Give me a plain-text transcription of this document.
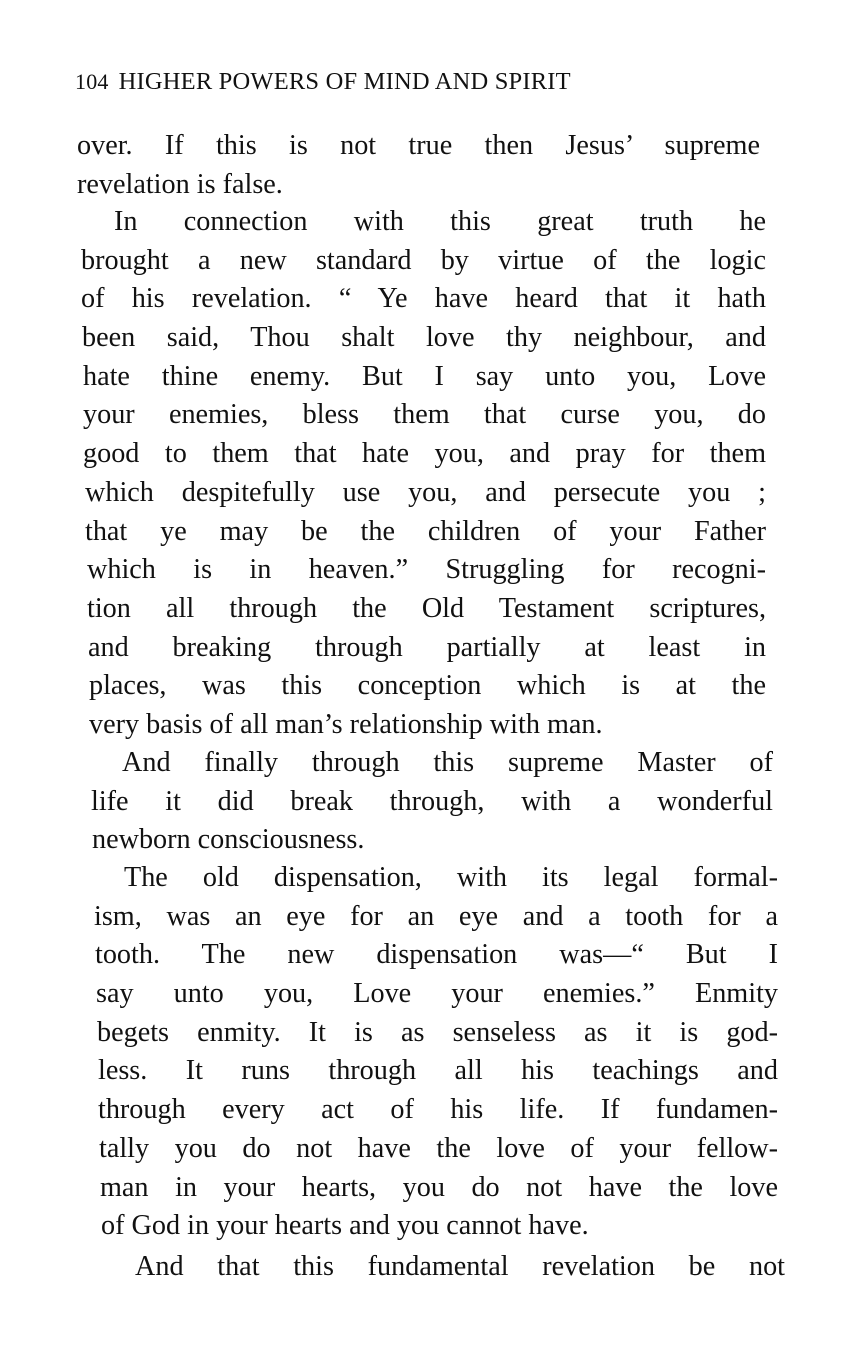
104 HIGHER POWERS OF MIND AND SPIRIT
over. If this is not true then Jesus’ supreme
revelation is false.
In connection with this great truth he
brought a new standard by virtue of the logic
of his revelation. “ Ye have heard that it hath
been said, Thou shalt love thy neighbour, and
hate thine enemy. But I say unto you, Love
your enemies, bless them that curse you, do
good to them that hate you, and pray for them
which despitefully use you, and persecute you ;
that ye may be the children of your Father
which is in heaven.” Struggling for recogni-
tion all through the Old Testament scriptures,
and breaking through partially at least in
places, was this conception which is at the
very basis of all man’s relationship with man.
And finally through this supreme Master of
life it did break through, with a wonderful
newborn consciousness.
The old dispensation, with its legal formal-
ism, was an eye for an eye and a tooth for a
tooth. The new dispensation was—“ But I
say unto you, Love your enemies.” Enmity
begets enmity. It is as senseless as it is god-
less. It runs through all his teachings and
through every act of his life. If fundamen-
tally you do not have the love of your fellow-
man in your hearts, you do not have the love
of God in your hearts and you cannot have.
And that this fundamental revelation be not
